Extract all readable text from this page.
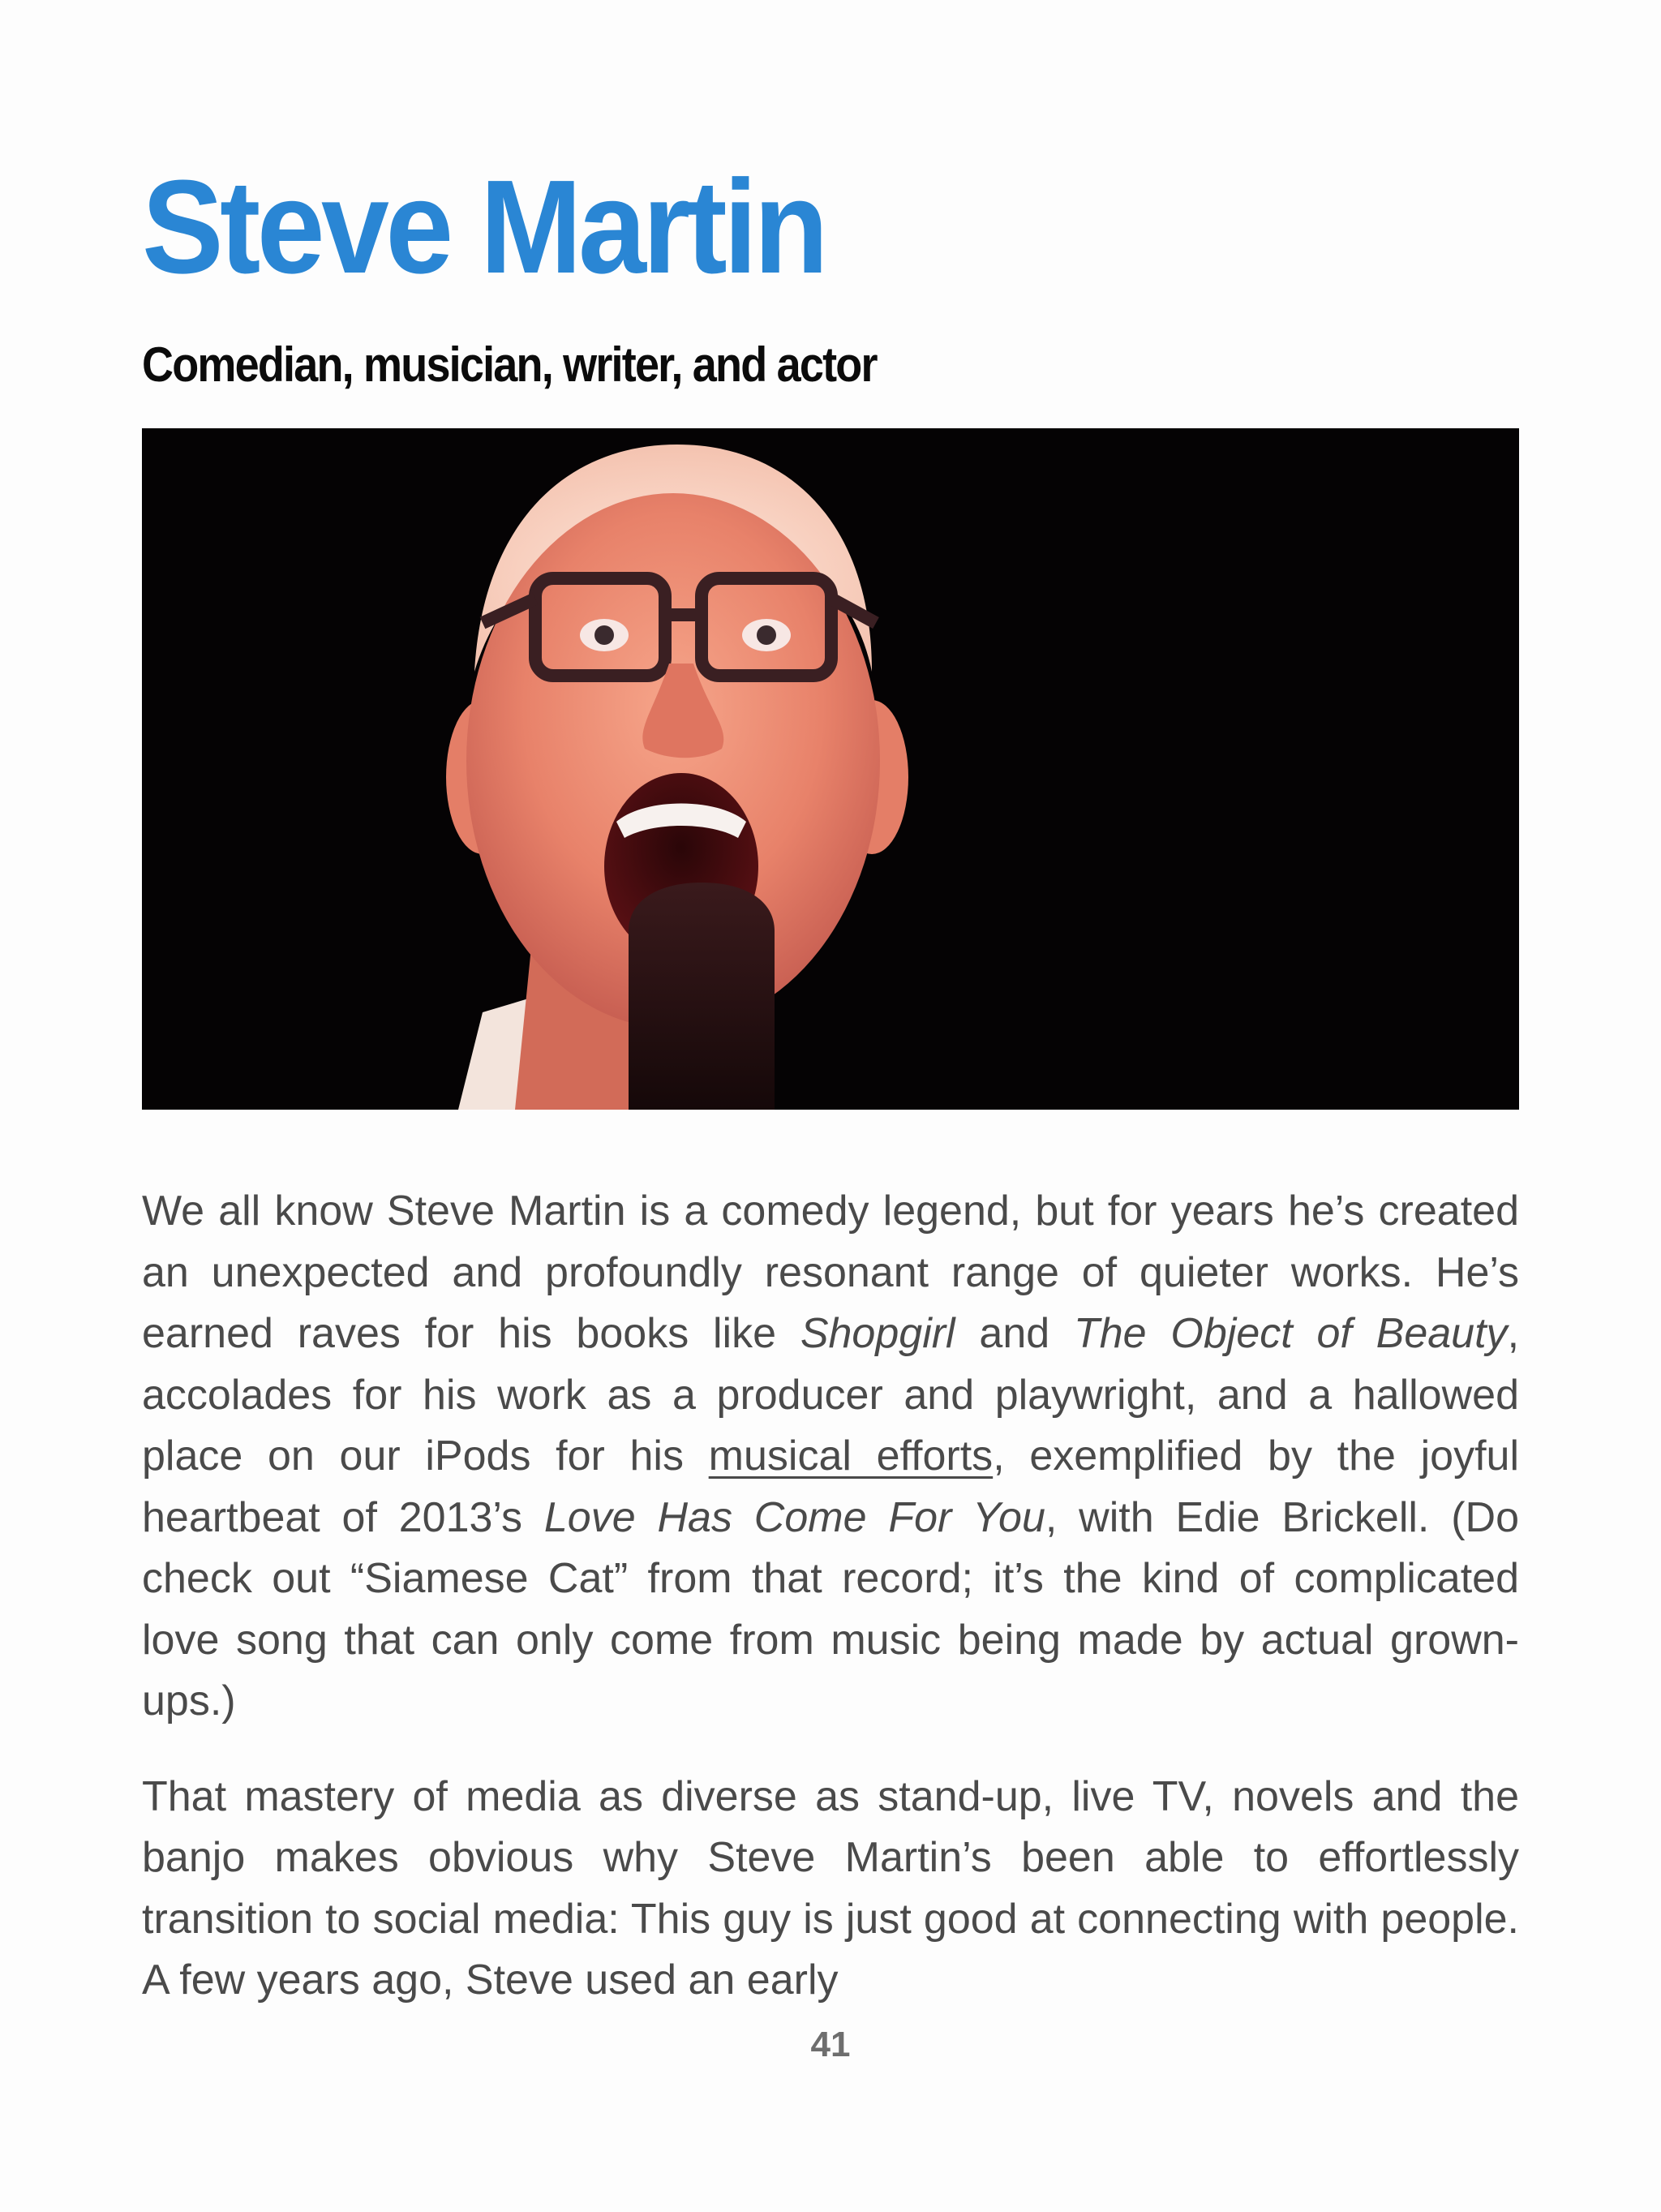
Steve Martin
Comedian, musician, writer, and actor

We all know Steve Martin is a comedy legend, but for years he’s created an unexpected and profoundly resonant range of quieter works. He’s earned raves for his books like Shopgirl and The Object of Beauty, accolades for his work as a producer and playwright, and a hallowed place on our iPods for his musical efforts, exemplified by the joyful heartbeat of 2013’s Love Has Come For You, with Edie Brickell. (Do check out “Siamese Cat” from that record; it’s the kind of complicated love song that can only come from music being made by actual grown-ups.)

That mastery of media as diverse as stand-up, live TV, novels and the banjo makes obvious why Steve Martin’s been able to effortlessly transition to social media: This guy is just good at connecting with people. A few years ago, Steve used an early

41
